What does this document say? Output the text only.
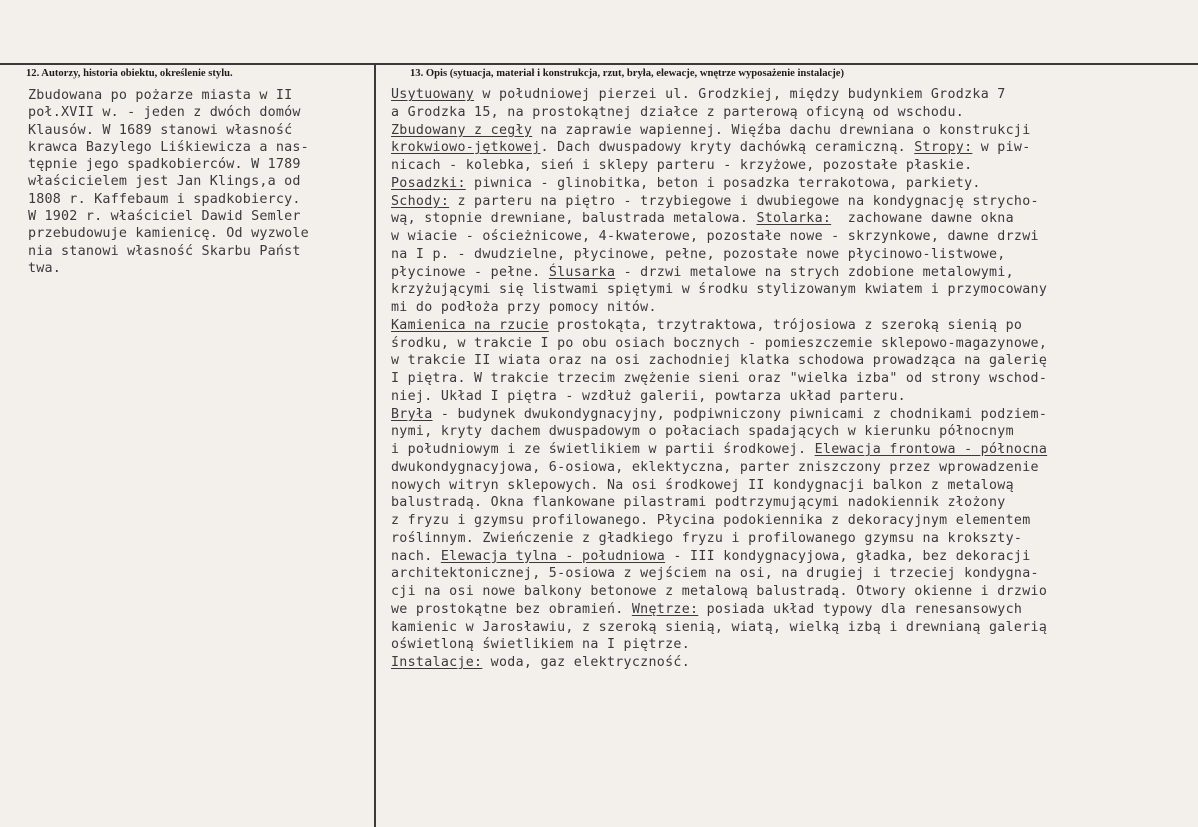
12. Autorzy, historia obiektu, określenie stylu.	13. Opis (sytuacja, materiał i konstrukcja, rzut, bryła, elewacje, wnętrze wyposażenie instalacje)
Zbudowana po pożarze miasta w II
poł.XVII w. - jeden z dwóch domów
Klausów. W 1689 stanowi własność
krawca Bazylego Liśkiewicza a nas-
tępnie jego spadkobierców. W 1789
właścicielem jest Jan Klings,a od
1808 r. Kaffebaum i spadkobiercy.
W 1902 r. właściciel Dawid Semler
przebudowuje kamienicę. Od wyzwole
nia stanowi własność Skarbu Państ
twa.
Usytuowany w południowej pierzei ul. Grodzkiej, między budynkiem Grodzka 7
a Grodzka 15, na prostokątnej działce z parterową oficyną od wschodu.
Zbudowany z cegły na zaprawie wapiennej. Więźba dachu drewniana o konstrukcji
krokwiowo-jętkowej. Dach dwuspadowy kryty dachówką ceramiczną. Stropy: w piw-
nicach - kolebka, sień i sklepy parteru - krzyżowe, pozostałe płaskie.
Posadzki: piwnica - glinobitka, beton i posadzka terrakotowa, parkiety.
Schody: z parteru na piętro - trzybiegowe i dwubiegowe na kondygnację strycho-
wą, stopnie drewniane, balustrada metalowa. Stolarka:  zachowane dawne okna
w wiacie - ościeżnicowe, 4-kwaterowe, pozostałe nowe - skrzynkowe, dawne drzwi
na I p. - dwudzielne, płycinowe, pełne, pozostałe nowe płycinowo-listwowe,
płycinowe - pełne. Ślusarka - drzwi metalowe na strych zdobione metalowymi,
krzyżującymi się listwami spiętymi w środku stylizowanym kwiatem i przymocowany
mi do podłoża przy pomocy nitów.
Kamienica na rzucie prostokąta, trzytraktowa, trójosiowa z szeroką sienią po
środku, w trakcie I po obu osiach bocznych - pomieszczemie sklepowo-magazynowe,
w trakcie II wiata oraz na osi zachodniej klatka schodowa prowadząca na galerię
I piętra. W trakcie trzecim zwężenie sieni oraz "wielka izba" od strony wschod-
niej. Układ I piętra - wzdłuż galerii, powtarza układ parteru.
Bryła - budynek dwukondygnacyjny, podpiwniczony piwnicami z chodnikami podziem-
nymi, kryty dachem dwuspadowym o połaciach spadających w kierunku północnym
i południowym i ze świetlikiem w partii środkowej. Elewacja frontowa - północna
dwukondygnacyjowa, 6-osiowa, eklektyczna, parter zniszczony przez wprowadzenie
nowych witryn sklepowych. Na osi środkowej II kondygnacji balkon z metalową
balustradą. Okna flankowane pilastrami podtrzymującymi nadokiennik złożony
z fryzu i gzymsu profilowanego. Płycina podokiennika z dekoracyjnym elementem
roślinnym. Zwieńczenie z gładkiego fryzu i profilowanego gzymsu na krokszty-
nach. Elewacja tylna - południowa - III kondygnacyjowa, gładka, bez dekoracji
architektonicznej, 5-osiowa z wejściem na osi, na drugiej i trzeciej kondygna-
cji na osi nowe balkony betonowe z metalową balustradą. Otwory okienne i drzwio
we prostokątne bez obramień. Wnętrze: posiada układ typowy dla renesansowych
kamienic w Jarosławiu, z szeroką sienią, wiatą, wielką izbą i drewnianą galerią
oświetloną świetlikiem na I piętrze.
Instalacje: woda, gaz elektryczność.
